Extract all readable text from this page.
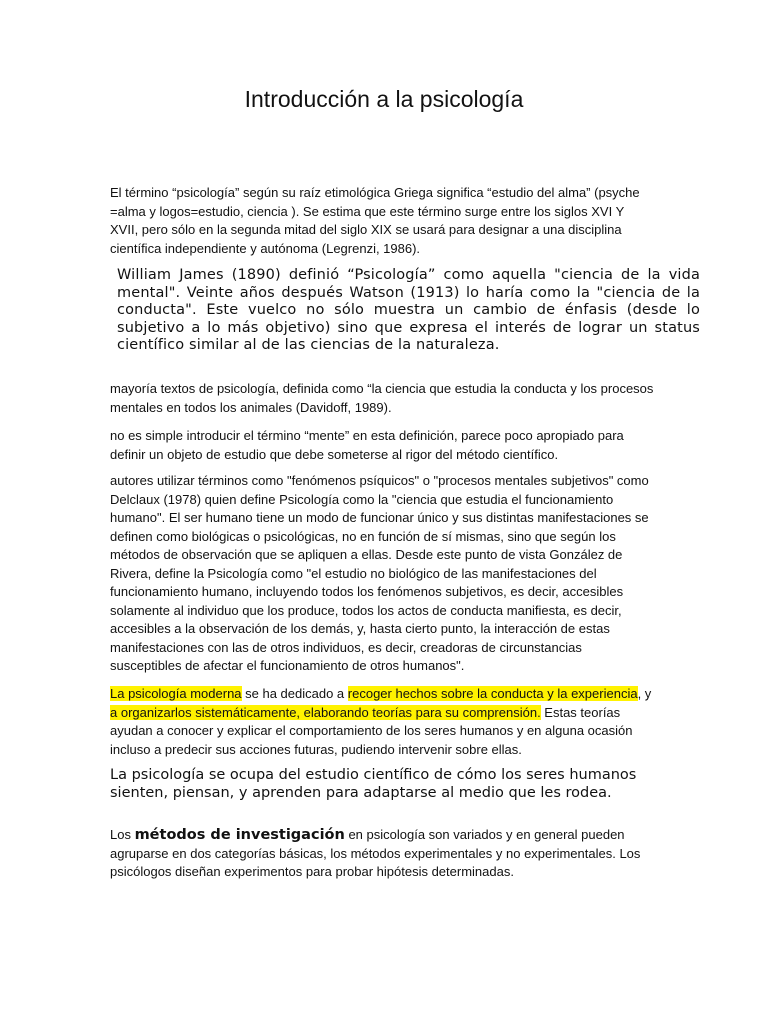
Introducción a la psicología

El término “psicología” según su raíz etimológica Griega significa “estudio del alma” (psyche =alma y logos=estudio, ciencia ). Se estima que este término surge entre los siglos XVI Y XVII, pero sólo en la segunda mitad del siglo XIX se usará para designar a una disciplina científica independiente y autónoma (Legrenzi, 1986).

William James (1890) definió “Psicología” como aquella "ciencia de la vida mental". Veinte años después Watson (1913) lo haría como la "ciencia de la conducta". Este vuelco no sólo muestra un cambio de énfasis (desde lo subjetivo a lo más objetivo) sino que expresa el interés de lograr un status científico similar al de las ciencias de la naturaleza.

mayoría textos de psicología, definida como “la ciencia que estudia la conducta y los procesos mentales en todos los animales (Davidoff, 1989).

no es simple introducir el término “mente” en esta definición, parece poco apropiado para definir un objeto de estudio que debe someterse al rigor del método científico.

autores utilizar términos como "fenómenos psíquicos" o "procesos mentales subjetivos" como Delclaux (1978) quien define Psicología como la "ciencia que estudia el funcionamiento humano". El ser humano tiene un modo de funcionar único y sus distintas manifestaciones se definen como biológicas o psicológicas, no en función de sí mismas, sino que según los métodos de observación que se apliquen a ellas. Desde este punto de vista González de Rivera, define la Psicología como "el estudio no biológico de las manifestaciones del funcionamiento humano, incluyendo todos los fenómenos subjetivos, es decir, accesibles solamente al individuo que los produce, todos los actos de conducta manifiesta, es decir, accesibles a la observación de los demás, y, hasta cierto punto, la interacción de estas manifestaciones con las de otros individuos, es decir, creadoras de circunstancias susceptibles de afectar el funcionamiento de otros humanos".

La psicología moderna se ha dedicado a recoger hechos sobre la conducta y la experiencia, y a organizarlos sistemáticamente, elaborando teorías para su comprensión. Estas teorías ayudan a conocer y explicar el comportamiento de los seres humanos y en alguna ocasión incluso a predecir sus acciones futuras, pudiendo intervenir sobre ellas.

La psicología se ocupa del estudio científico de cómo los seres humanos sienten, piensan, y aprenden para adaptarse al medio que les rodea.

Los métodos de investigación en psicología son variados y en general pueden agruparse en dos categorías básicas, los métodos experimentales y no experimentales. Los psicólogos diseñan experimentos para probar hipótesis determinadas.
